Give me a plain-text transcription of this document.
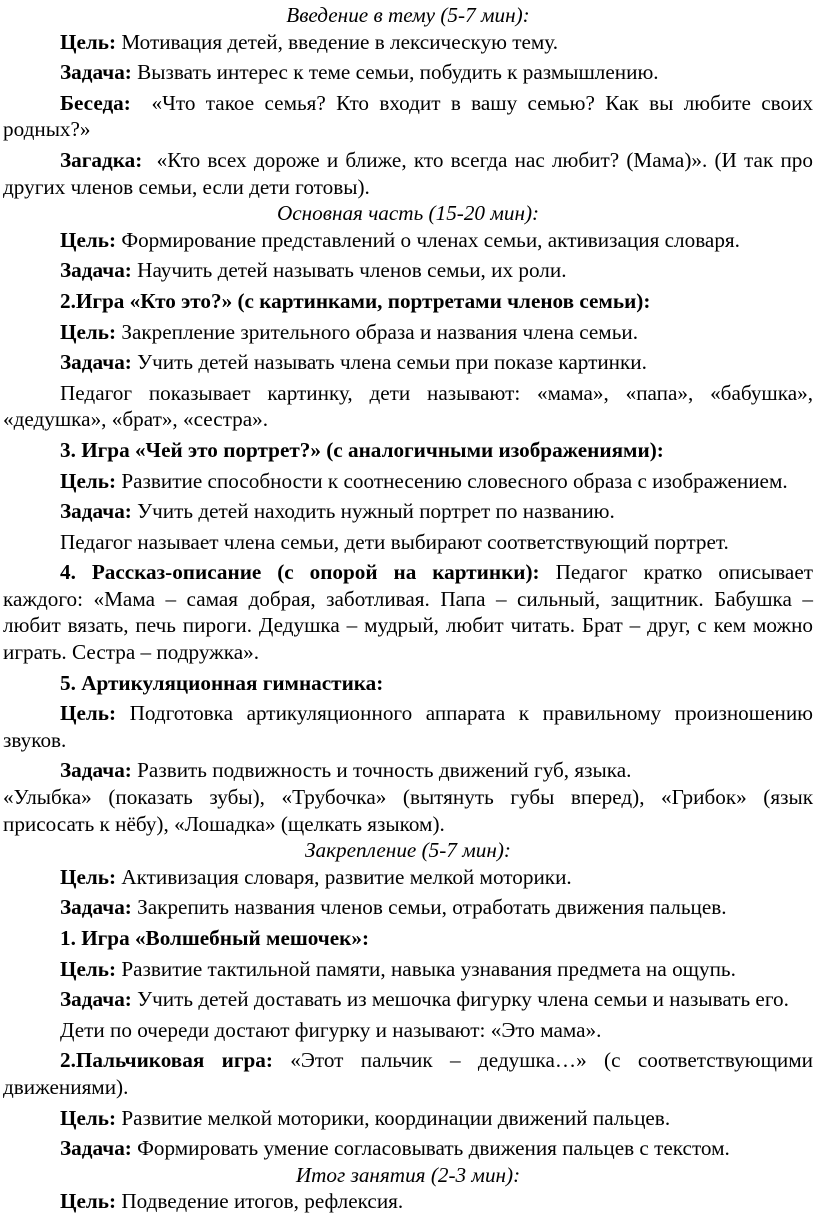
Введение в тему (5-7 мин):

Цель: Мотивация детей, введение в лексическую тему.

Задача: Вызвать интерес к теме семьи, побудить к размышлению.

Беседа: «Что такое семья? Кто входит в вашу семью? Как вы любите своих родных?»

Загадка: «Кто всех дороже и ближе, кто всегда нас любит? (Мама)». (И так про других членов семьи, если дети готовы).

Основная часть (15-20 мин):

Цель: Формирование представлений о членах семьи, активизация словаря.

Задача: Научить детей называть членов семьи, их роли.

2.Игра «Кто это?» (с картинками, портретами членов семьи):

Цель: Закрепление зрительного образа и названия члена семьи.

Задача: Учить детей называть члена семьи при показе картинки.

Педагог показывает картинку, дети называют: «мама», «папа», «бабушка», «дедушка», «брат», «сестра».

3. Игра «Чей это портрет?» (с аналогичными изображениями):

Цель: Развитие способности к соотнесению словесного образа с изображением.

Задача: Учить детей находить нужный портрет по названию.

Педагог называет члена семьи, дети выбирают соответствующий портрет.

4. Рассказ-описание (с опорой на картинки): Педагог кратко описывает каждого: «Мама – самая добрая, заботливая. Папа – сильный, защитник. Бабушка – любит вязать, печь пироги. Дедушка – мудрый, любит читать. Брат – друг, с кем можно играть. Сестра – подружка».

5. Артикуляционная гимнастика:

Цель: Подготовка артикуляционного аппарата к правильному произношению звуков.

Задача: Развить подвижность и точность движений губ, языка.

«Улыбка» (показать зубы), «Трубочка» (вытянуть губы вперед), «Грибок» (язык присосать к нёбу), «Лошадка» (щелкать языком).

Закрепление (5-7 мин):

Цель: Активизация словаря, развитие мелкой моторики.

Задача: Закрепить названия членов семьи, отработать движения пальцев.

1. Игра «Волшебный мешочек»:

Цель: Развитие тактильной памяти, навыка узнавания предмета на ощупь.

Задача: Учить детей доставать из мешочка фигурку члена семьи и называть его.

Дети по очереди достают фигурку и называют: «Это мама».

2.Пальчиковая игра: «Этот пальчик – дедушка…» (с соответствующими движениями).

Цель: Развитие мелкой моторики, координации движений пальцев.

Задача: Формировать умение согласовывать движения пальцев с текстом.

Итог занятия (2-3 мин):

Цель: Подведение итогов, рефлексия.
